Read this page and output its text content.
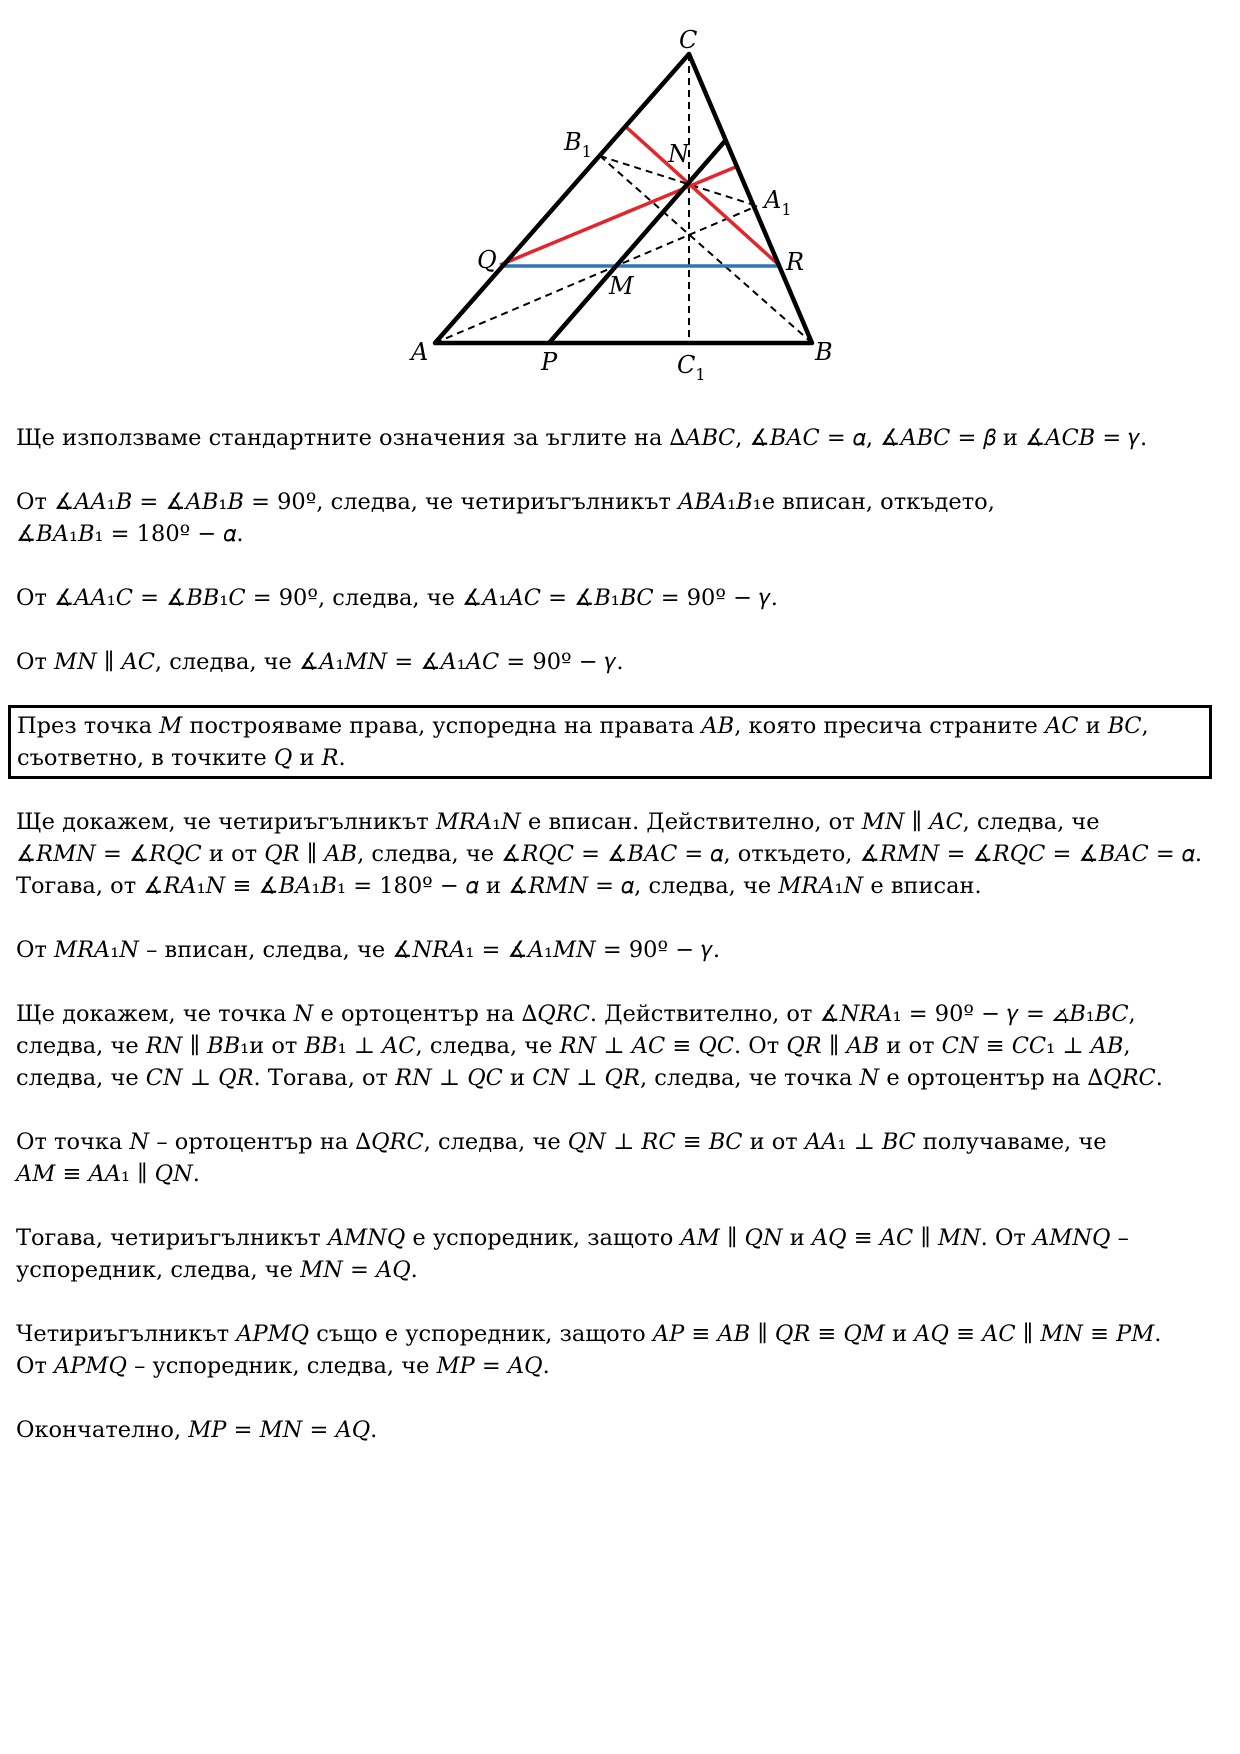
C
A	B
P
Q	R
M
N
$B_1$
$A_1$
$C_1$
Ще използваме стандартните означения за ъглите на ∆𝐴𝐵𝐶, ∡𝐵𝐴𝐶 = 𝛼, ∡𝐴𝐵𝐶 = 𝛽 и ∡𝐴𝐶𝐵 = 𝛾.
От ∡𝐴𝐴₁𝐵 = ∡𝐴𝐵₁𝐵 = 90º, следва, че четириъгълникът 𝐴𝐵𝐴₁𝐵₁е вписан, откъдето,
∡𝐵𝐴₁𝐵₁ = 180º − 𝛼.
От ∡𝐴𝐴₁𝐶 = ∡𝐵𝐵₁𝐶 = 90º, следва, че ∡𝐴₁𝐴𝐶 = ∡𝐵₁𝐵𝐶 = 90º − 𝛾.
От 𝑀𝑁 ∥ 𝐴𝐶, следва, че ∡𝐴₁𝑀𝑁 = ∡𝐴₁𝐴𝐶 = 90º − 𝛾.
През точка 𝑀 построяваме права, успоредна на правата 𝐴𝐵, която пресича страните 𝐴𝐶 и 𝐵𝐶,
съответно, в точките 𝑄 и 𝑅.
Ще докажем, че четириъгълникът 𝑀𝑅𝐴₁𝑁 е вписан. Действително, от 𝑀𝑁 ∥ 𝐴𝐶, следва, че
∡𝑅𝑀𝑁 = ∡𝑅𝑄𝐶 и от 𝑄𝑅 ∥ 𝐴𝐵, следва, че ∡𝑅𝑄𝐶 = ∡𝐵𝐴𝐶 = 𝛼, откъдето, ∡𝑅𝑀𝑁 = ∡𝑅𝑄𝐶 = ∡𝐵𝐴𝐶 = 𝛼.
Тогава, от ∡𝑅𝐴₁𝑁 ≡ ∡𝐵𝐴₁𝐵₁ = 180º − 𝛼 и ∡𝑅𝑀𝑁 = 𝛼, следва, че 𝑀𝑅𝐴₁𝑁 е вписан.
От 𝑀𝑅𝐴₁𝑁 – вписан, следва, че ∡𝑁𝑅𝐴₁ = ∡𝐴₁𝑀𝑁 = 90º − 𝛾.
Ще докажем, че точка 𝑁 е ортоцентър на ∆𝑄𝑅𝐶. Действително, от ∡𝑁𝑅𝐴₁ = 90º − 𝛾 = ∡𝐵₁𝐵𝐶,
следва, че 𝑅𝑁 ∥ 𝐵𝐵₁и от 𝐵𝐵₁ ⊥ 𝐴𝐶, следва, че 𝑅𝑁 ⊥ 𝐴𝐶 ≡ 𝑄𝐶. От 𝑄𝑅 ∥ 𝐴𝐵 и от 𝐶𝑁 ≡ 𝐶𝐶₁ ⊥ 𝐴𝐵,
следва, че 𝐶𝑁 ⊥ 𝑄𝑅. Тогава, от 𝑅𝑁 ⊥ 𝑄𝐶 и 𝐶𝑁 ⊥ 𝑄𝑅, следва, че точка 𝑁 е ортоцентър на ∆𝑄𝑅𝐶.
От точка 𝑁 – ортоцентър на ∆𝑄𝑅𝐶, следва, че 𝑄𝑁 ⊥ 𝑅𝐶 ≡ 𝐵𝐶 и от 𝐴𝐴₁ ⊥ 𝐵𝐶 получаваме, че
𝐴𝑀 ≡ 𝐴𝐴₁ ∥ 𝑄𝑁.
Тогава, четириъгълникът 𝐴𝑀𝑁𝑄 е успоредник, защото 𝐴𝑀 ∥ 𝑄𝑁 и 𝐴𝑄 ≡ 𝐴𝐶 ∥ 𝑀𝑁. От 𝐴𝑀𝑁𝑄 –
успоредник, следва, че 𝑀𝑁 = 𝐴𝑄.
Четириъгълникът 𝐴𝑃𝑀𝑄 също е успоредник, защото 𝐴𝑃 ≡ 𝐴𝐵 ∥ 𝑄𝑅 ≡ 𝑄𝑀 и 𝐴𝑄 ≡ 𝐴𝐶 ∥ 𝑀𝑁 ≡ 𝑃𝑀.
От 𝐴𝑃𝑀𝑄 – успоредник, следва, че 𝑀𝑃 = 𝐴𝑄.
Окончателно, 𝑀𝑃 = 𝑀𝑁 = 𝐴𝑄.
